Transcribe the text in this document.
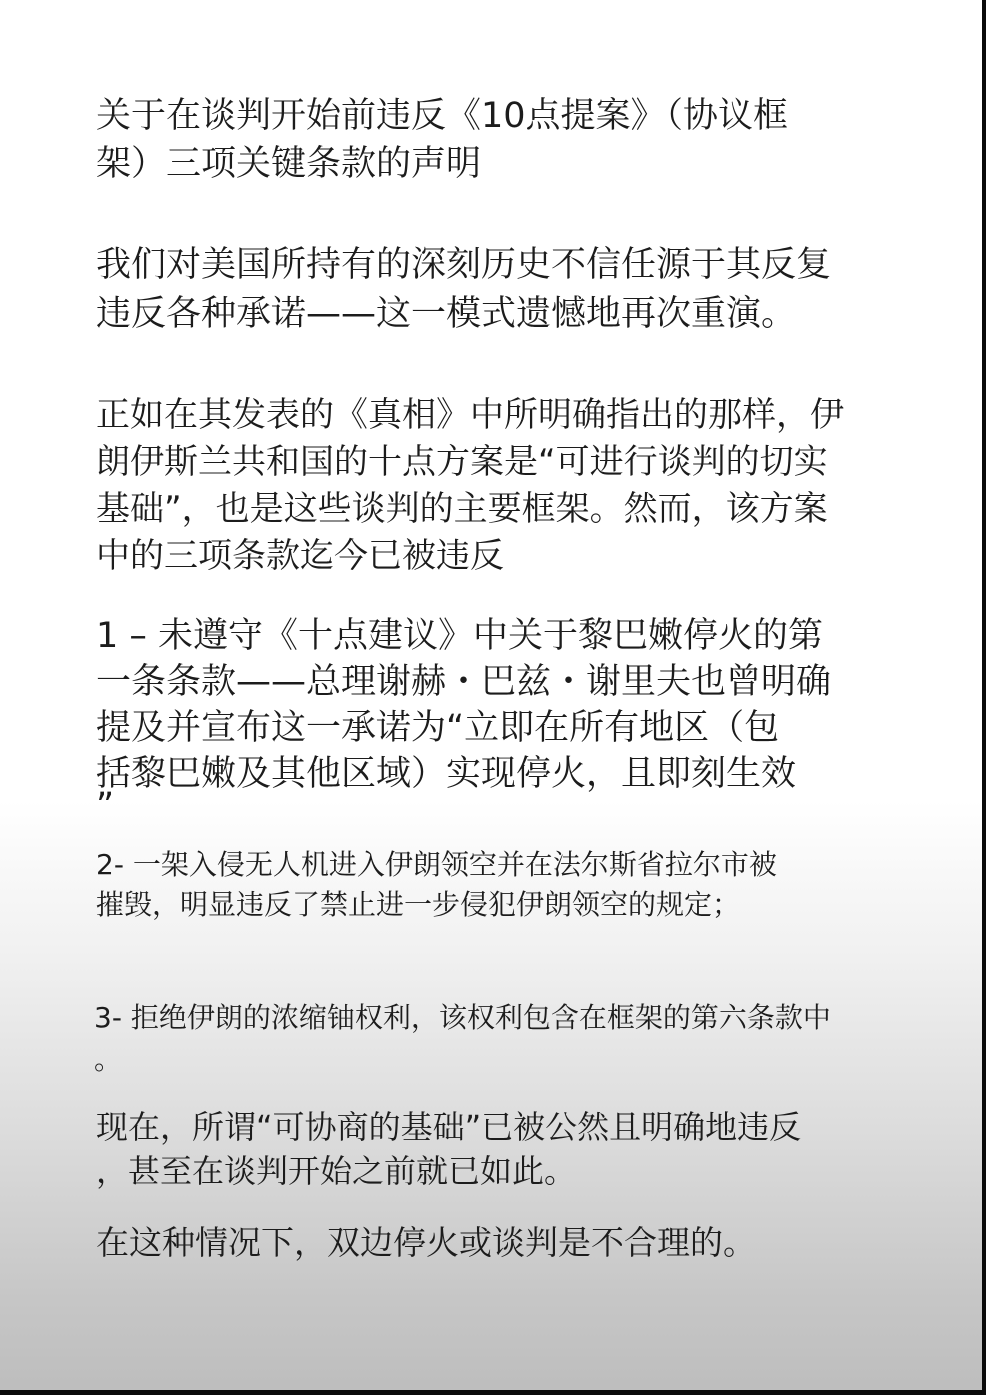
关于在谈判开始前违反《10点提案》（协议框
架）三项关键条款的声明

我们对美国所持有的深刻历史不信任源于其反复
违反各种承诺——这一模式遗憾地再次重演。

正如在其发表的《真相》中所明确指出的那样，伊
朗伊斯兰共和国的十点方案是“可进行谈判的切实
基础”，也是这些谈判的主要框架。然而，该方案
中的三项条款迄今已被违反

1 – 未遵守《十点建议》中关于黎巴嫩停火的第
一条条款——总理谢赫・巴兹・谢里夫也曾明确
提及并宣布这一承诺为“立即在所有地区（包
括黎巴嫩及其他区域）实现停火，且即刻生效
”

2- 一架入侵无人机进入伊朗领空并在法尔斯省拉尔市被
摧毁，明显违反了禁止进一步侵犯伊朗领空的规定；

3- 拒绝伊朗的浓缩铀权利，该权利包含在框架的第六条款中
。

现在，所谓“可协商的基础”已被公然且明确地违反
，甚至在谈判开始之前就已如此。

在这种情况下，双边停火或谈判是不合理的。
